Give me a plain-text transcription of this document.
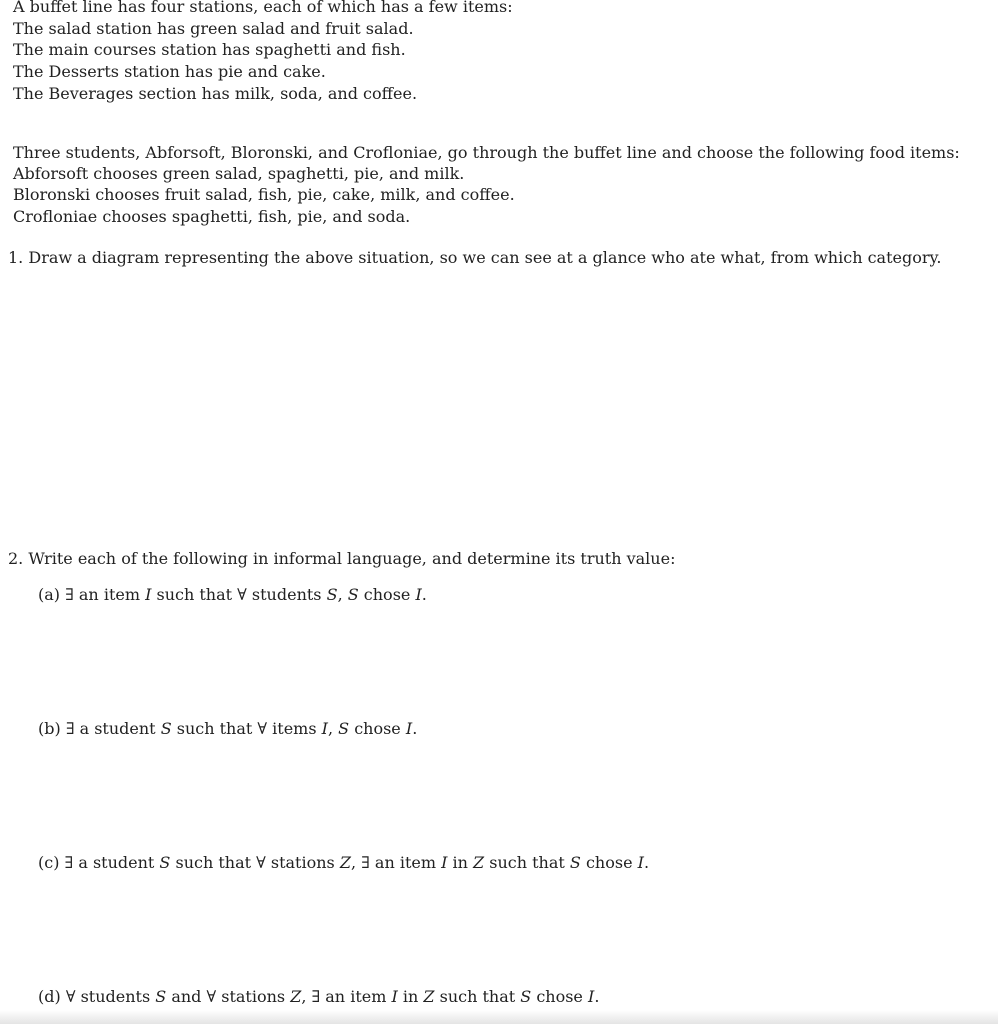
A buffet line has four stations, each of which has a few items:
The salad station has green salad and fruit salad.
The main courses station has spaghetti and fish.
The Desserts station has pie and cake.
The Beverages section has milk, soda, and coffee.
Three students, Abforsoft, Bloronski, and Crofloniae, go through the buffet line and choose the following food items:
Abforsoft chooses green salad, spaghetti, pie, and milk.
Bloronski chooses fruit salad, fish, pie, cake, milk, and coffee.
Crofloniae chooses spaghetti, fish, pie, and soda.
1. Draw a diagram representing the above situation, so we can see at a glance who ate what, from which category.
2. Write each of the following in informal language, and determine its truth value:
(a) ∃ an item I such that ∀ students S, S chose I.
(b) ∃ a student S such that ∀ items I, S chose I.
(c) ∃ a student S such that ∀ stations Z, ∃ an item I in Z such that S chose I.
(d) ∀ students S and ∀ stations Z, ∃ an item I in Z such that S chose I.
